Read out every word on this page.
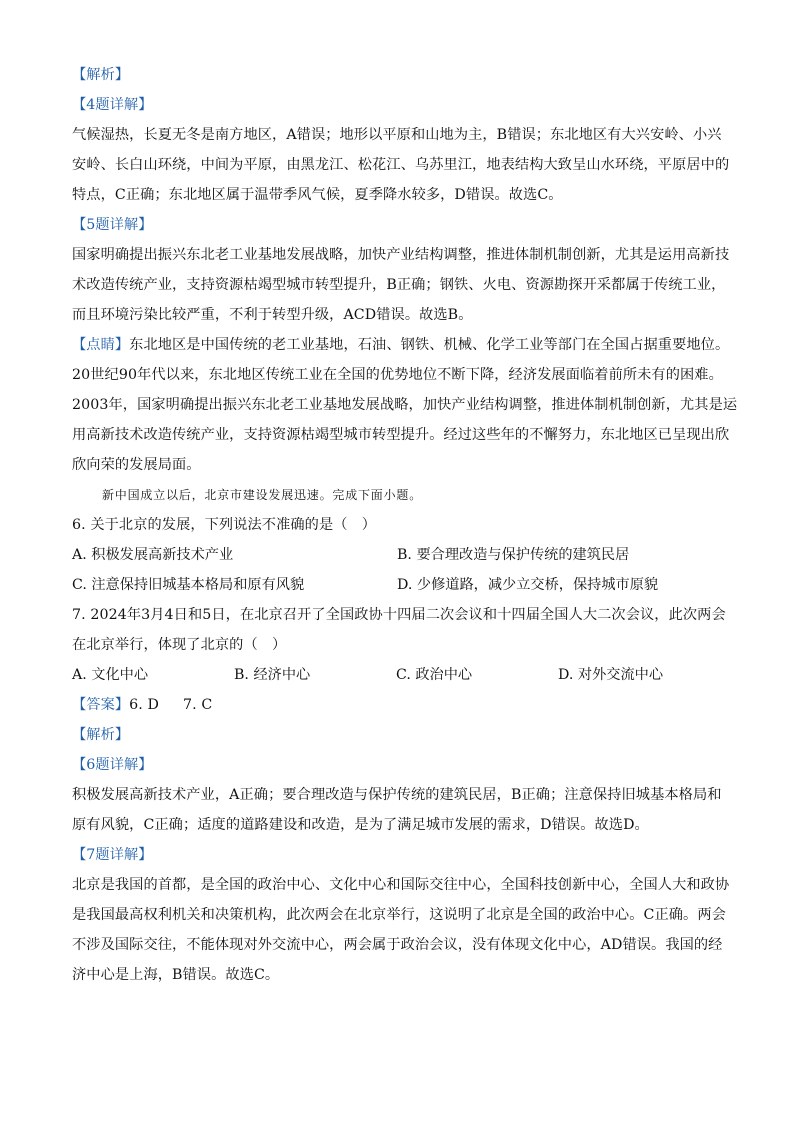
【解析】
【4题详解】
气候湿热，长夏无冬是南方地区，A错误；地形以平原和山地为主，B错误；东北地区有大兴安岭、小兴
安岭、长白山环绕，中间为平原，由黑龙江、松花江、乌苏里江，地表结构大致呈山水环绕，平原居中的
特点，C正确；东北地区属于温带季风气候，夏季降水较多，D错误。故选C。
【5题详解】
国家明确提出振兴东北老工业基地发展战略，加快产业结构调整，推进体制机制创新，尤其是运用高新技
术改造传统产业，支持资源枯竭型城市转型提升，B正确；钢铁、火电、资源勘探开采都属于传统工业，
而且环境污染比较严重，不利于转型升级，ACD错误。故选B。
【点睛】东北地区是中国传统的老工业基地，石油、钢铁、机械、化学工业等部门在全国占据重要地位。
20世纪90年代以来，东北地区传统工业在全国的优势地位不断下降，经济发展面临着前所未有的困难。
2003年，国家明确提出振兴东北老工业基地发展战略，加快产业结构调整，推进体制机制创新，尤其是运
用高新技术改造传统产业，支持资源枯竭型城市转型提升。经过这些年的不懈努力，东北地区已呈现出欣
欣向荣的发展局面。
新中国成立以后，北京市建设发展迅速。完成下面小题。
6. 关于北京的发展，下列说法不准确的是（　）
A. 积极发展高新技术产业	B. 要合理改造与保护传统的建筑民居
C. 注意保持旧城基本格局和原有风貌	D. 少修道路，减少立交桥，保持城市原貌
7. 2024年3月4日和5日，在北京召开了全国政协十四届二次会议和十四届全国人大二次会议，此次两会
在北京举行，体现了北京的（　）
A. 文化中心	B. 经济中心	C. 政治中心	D. 对外交流中心
【答案】6. D 7. C
【解析】
【6题详解】
积极发展高新技术产业，A正确；要合理改造与保护传统的建筑民居，B正确；注意保持旧城基本格局和
原有风貌，C正确；适度的道路建设和改造，是为了满足城市发展的需求，D错误。故选D。
【7题详解】
北京是我国的首都，是全国的政治中心、文化中心和国际交往中心，全国科技创新中心，全国人大和政协
是我国最高权利机关和决策机构，此次两会在北京举行，这说明了北京是全国的政治中心。C正确。两会
不涉及国际交往，不能体现对外交流中心，两会属于政治会议，没有体现文化中心，AD错误。我国的经
济中心是上海，B错误。故选C。
